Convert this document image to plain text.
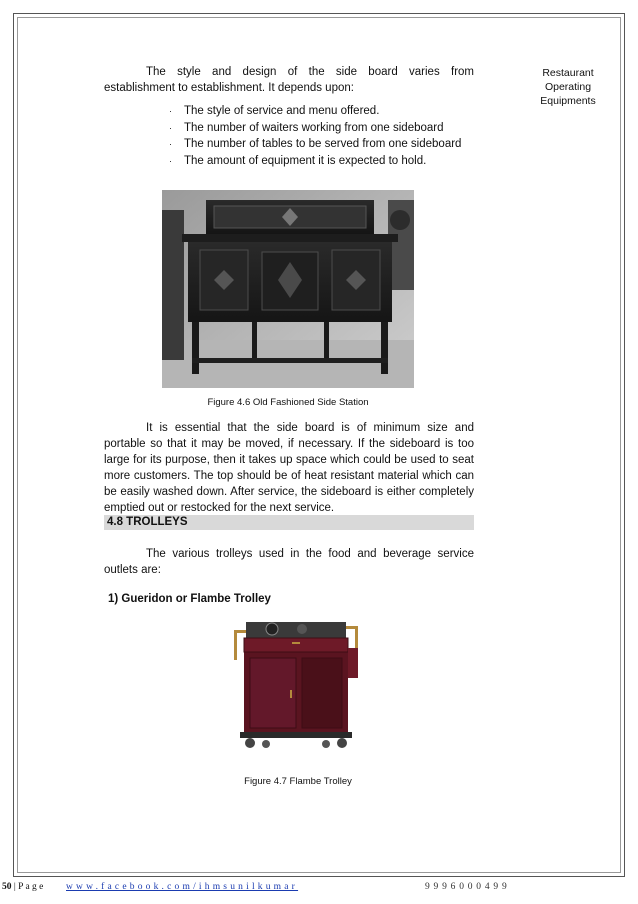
Restaurant
Operating
Equipments

The style and design of the side board varies from establishment to establishment. It depends upon:

· The style of service and menu offered.
· The number of waiters working from one sideboard
· The number of tables to be served from one sideboard
· The amount of equipment it is expected to hold.
Figure 4.6 Old Fashioned Side Station

It is essential that the side board is of minimum size and portable so that it may be moved, if necessary. If the sideboard is too large for its purpose, then it takes up space which could be used to seat more customers. The top should be of heat resistant material which can be easily washed down. After service, the sideboard is either completely emptied out or restocked for the next service.

4.8 TROLLEYS

The various trolleys used in the food and beverage service outlets are:

1) Gueridon or Flambe Trolley

Figure 4.7 Flambe Trolley
50 | P a g e www.facebook.com/ihmsunilkumar	9996000499
